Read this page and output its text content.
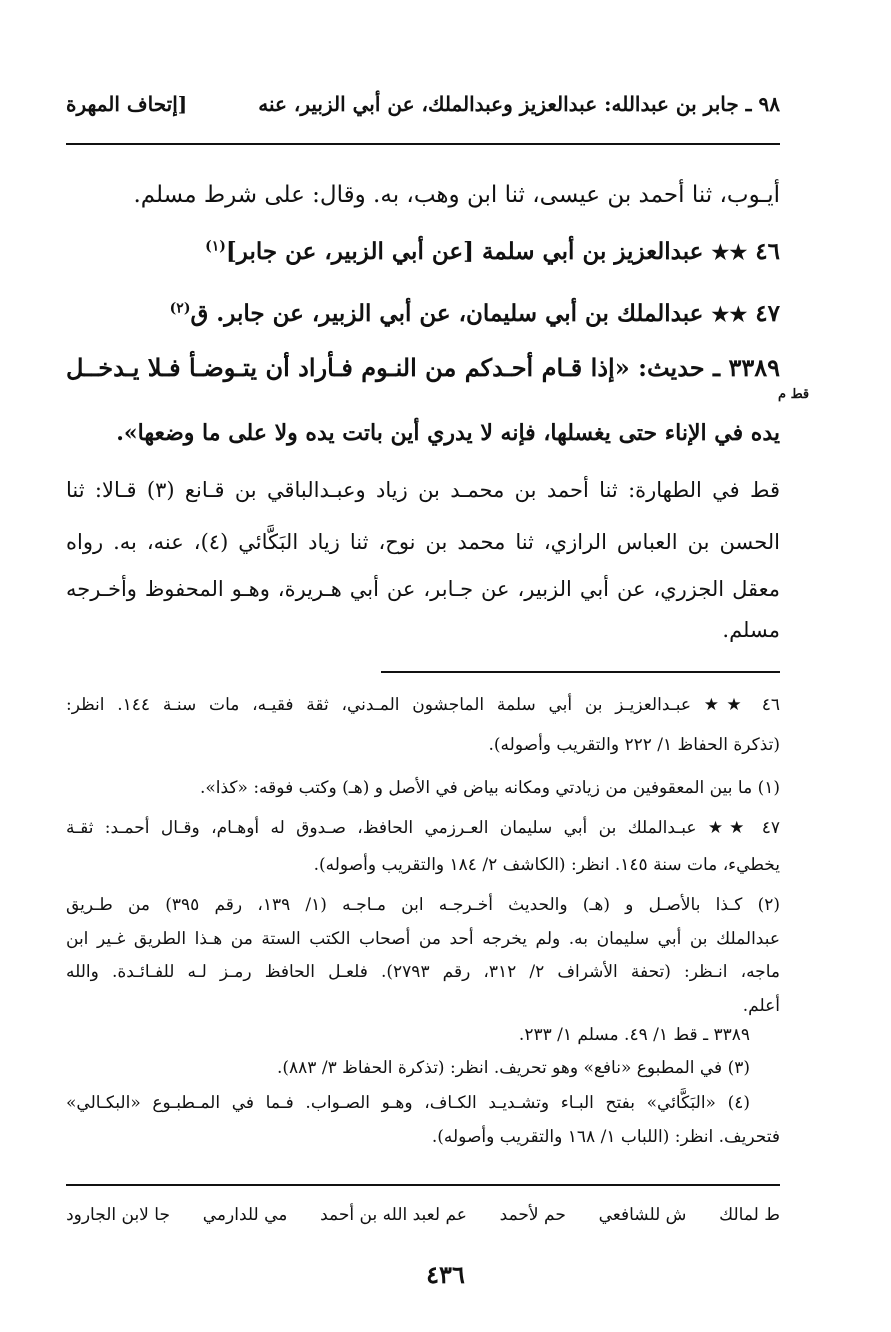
٩٨ ـ جابر بن عبدالله: عبدالعزيز وعبدالملك، عن أبي الزبير، عنه
[إتحاف المهرة
أيـوب، ثنا أحمد بن عيسى، ثنا ابن وهب، به. وقال: على شرط مسلم.
٤٦ ★★ عبدالعزيز بن أبي سلمة [عن أبي الزبير، عن جابر]$^{(١)}$
٤٧ ★★ عبدالملك بن أبي سليمان، عن أبي الزبير، عن جابر. ق$^{(٢)}$
٣٣٨٩ ـ حديث: «إذا قـام أحـدكم من النـوم فـأراد أن يتـوضـأ فـلا يـدخــل
قط م
يده في الإناء حتى يغسلها، فإنه لا يدري أين باتت يده ولا على ما وضعها».
قط في الطهارة: ثنا أحمد بن محمـد بن زياد وعبـدالباقي بن قـانع (٣) قـالا: ثنا
الحسن بن العباس الرازي، ثنا محمد بن نوح، ثنا زياد البَكَّائي (٤)، عنه، به. رواه
معقل الجزري، عن أبي الزبير، عن جـابر، عن أبي هـريرة، وهـو المحفوظ وأخـرجه
مسلم.
٤٦ ★★ عبـدالعزيـز بن أبي سلمة الماجشون المـدني، ثقة فقيـه، مات سنـة ١٤٤. انظر:
(تذكرة الحفاظ ١/ ٢٢٢ والتقريب وأصوله).
(١) ما بين المعقوفين من زيادتي ومكانه بياض في الأصل و (هـ) وكتب فوقه: «كذا».
٤٧ ★★ عبـدالملك بن أبي سليمان العـرزمي الحافظ، صـدوق له أوهـام، وقـال أحمـد: ثقـة
يخطيء، مات سنة ١٤٥. انظر: (الكاشف ٢/ ١٨٤ والتقريب وأصوله).
(٢) كـذا بالأصـل و (هـ) والحديث أخـرجـه ابن مـاجـه (١/ ١٣٩، رقم ٣٩٥) من طـريق
عبدالملك بن أبي سليمان به. ولم يخرجه أحد من أصحاب الكتب الستة من هـذا الطريق غـير ابن
ماجه، انـظر: (تحفة الأشراف ٢/ ٣١٢، رقم ٢٧٩٣). فلعـل الحافظ رمـز لـه للفـائـدة. والله
أعلم.
٣٣٨٩ ـ قط ١/ ٤٩. مسلم ١/ ٢٣٣.
(٣) في المطبوع «نافع» وهو تحريف. انظر: (تذكرة الحفاظ ٣/ ٨٨٣).
(٤) «البَكَّائي» بفتح البـاء وتشـديـد الكـاف، وهـو الصـواب. فـما في المـطبـوع «البكـالي»
فتحريف. انظر: (اللباب ١/ ١٦٨ والتقريب وأصوله).
ط لمالك
ش للشافعي
حم لأحمد
عم لعبد الله بن أحمد
مي للدارمي
جا لابن الجارود
٤٣٦
